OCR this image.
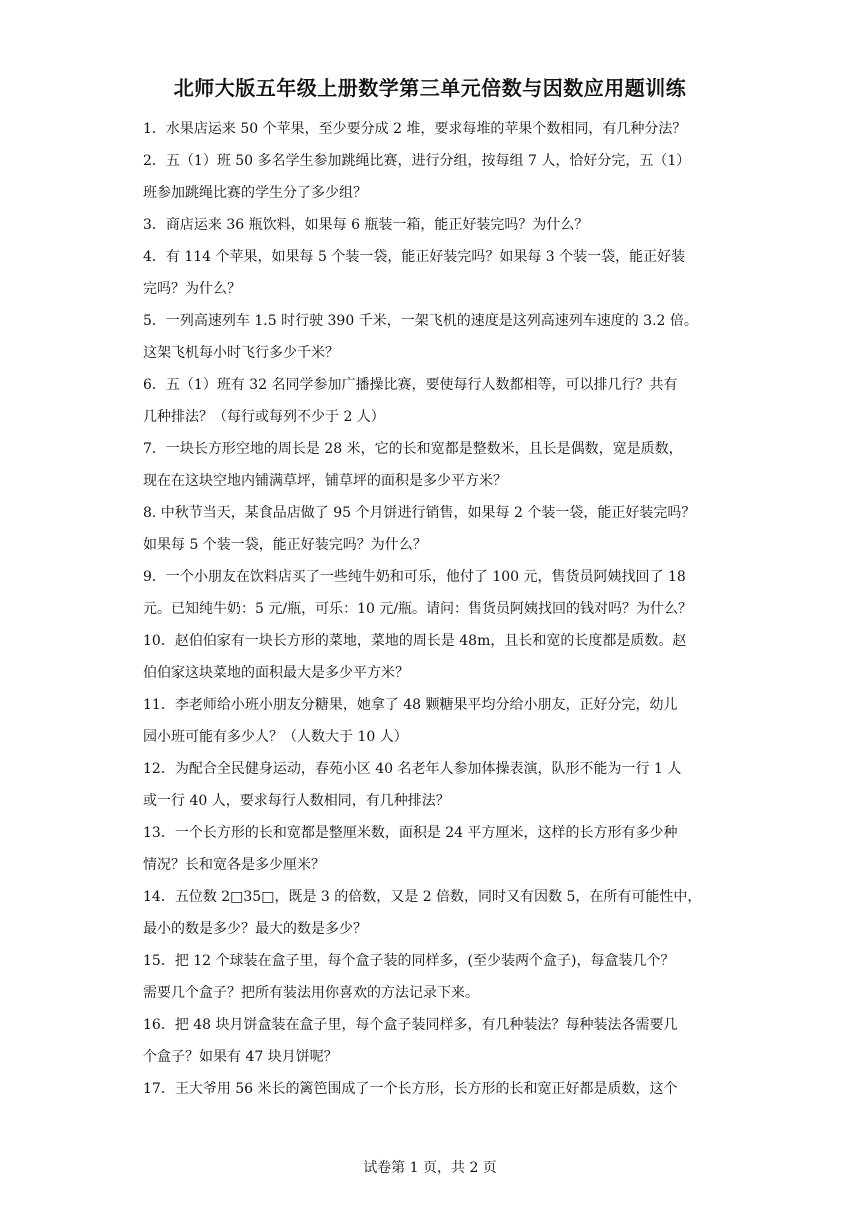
北师大版五年级上册数学第三单元倍数与因数应用题训练
1．水果店运来 50 个苹果，至少要分成 2 堆，要求每堆的苹果个数相同，有几种分法？
2．五（1）班 50 多名学生参加跳绳比赛，进行分组，按每组 7 人，恰好分完，五（1）
班参加跳绳比赛的学生分了多少组？
3．商店运来 36 瓶饮料，如果每 6 瓶装一箱，能正好装完吗？为什么？
4．有 114 个苹果，如果每 5 个装一袋，能正好装完吗？如果每 3 个装一袋，能正好装
完吗？为什么？
5．一列高速列车 1.5 时行驶 390 千米，一架飞机的速度是这列高速列车速度的 3.2 倍。
这架飞机每小时飞行多少千米？
6．五（1）班有 32 名同学参加广播操比赛，要使每行人数都相等，可以排几行？共有
几种排法？（每行或每列不少于 2 人）
7．一块长方形空地的周长是 28 米，它的长和宽都是整数米，且长是偶数，宽是质数，
现在在这块空地内铺满草坪，铺草坪的面积是多少平方米？
8. 中秋节当天，某食品店做了 95 个月饼进行销售，如果每 2 个装一袋，能正好装完吗？
如果每 5 个装一袋，能正好装完吗？为什么？
9．一个小朋友在饮料店买了一些纯牛奶和可乐，他付了 100 元，售货员阿姨找回了 18
元。已知纯牛奶：5 元/瓶，可乐：10 元/瓶。请问：售货员阿姨找回的钱对吗？为什么？
10．赵伯伯家有一块长方形的菜地，菜地的周长是 48m，且长和宽的长度都是质数。赵
伯伯家这块菜地的面积最大是多少平方米？
11．李老师给小班小朋友分糖果，她拿了 48 颗糖果平均分给小朋友，正好分完，幼儿
园小班可能有多少人？（人数大于 10 人）
12．为配合全民健身运动，春苑小区 40 名老年人参加体操表演，队形不能为一行 1 人
或一行 40 人，要求每行人数相同，有几种排法？
13．一个长方形的长和宽都是整厘米数，面积是 24 平方厘米，这样的长方形有多少种
情况？长和宽各是多少厘米？
14．五位数 2□35□，既是 3 的倍数，又是 2 倍数，同时又有因数 5，在所有可能性中，
最小的数是多少？最大的数是多少？
15．把 12 个球装在盒子里，每个盒子装的同样多，(至少装两个盒子)，每盒装几个？
需要几个盒子？把所有装法用你喜欢的方法记录下来。
16．把 48 块月饼盒装在盒子里，每个盒子装同样多，有几种装法？每种装法各需要几
个盒子？如果有 47 块月饼呢？
17．王大爷用 56 米长的篱笆围成了一个长方形，长方形的长和宽正好都是质数，这个
试卷第 1 页，共 2 页
